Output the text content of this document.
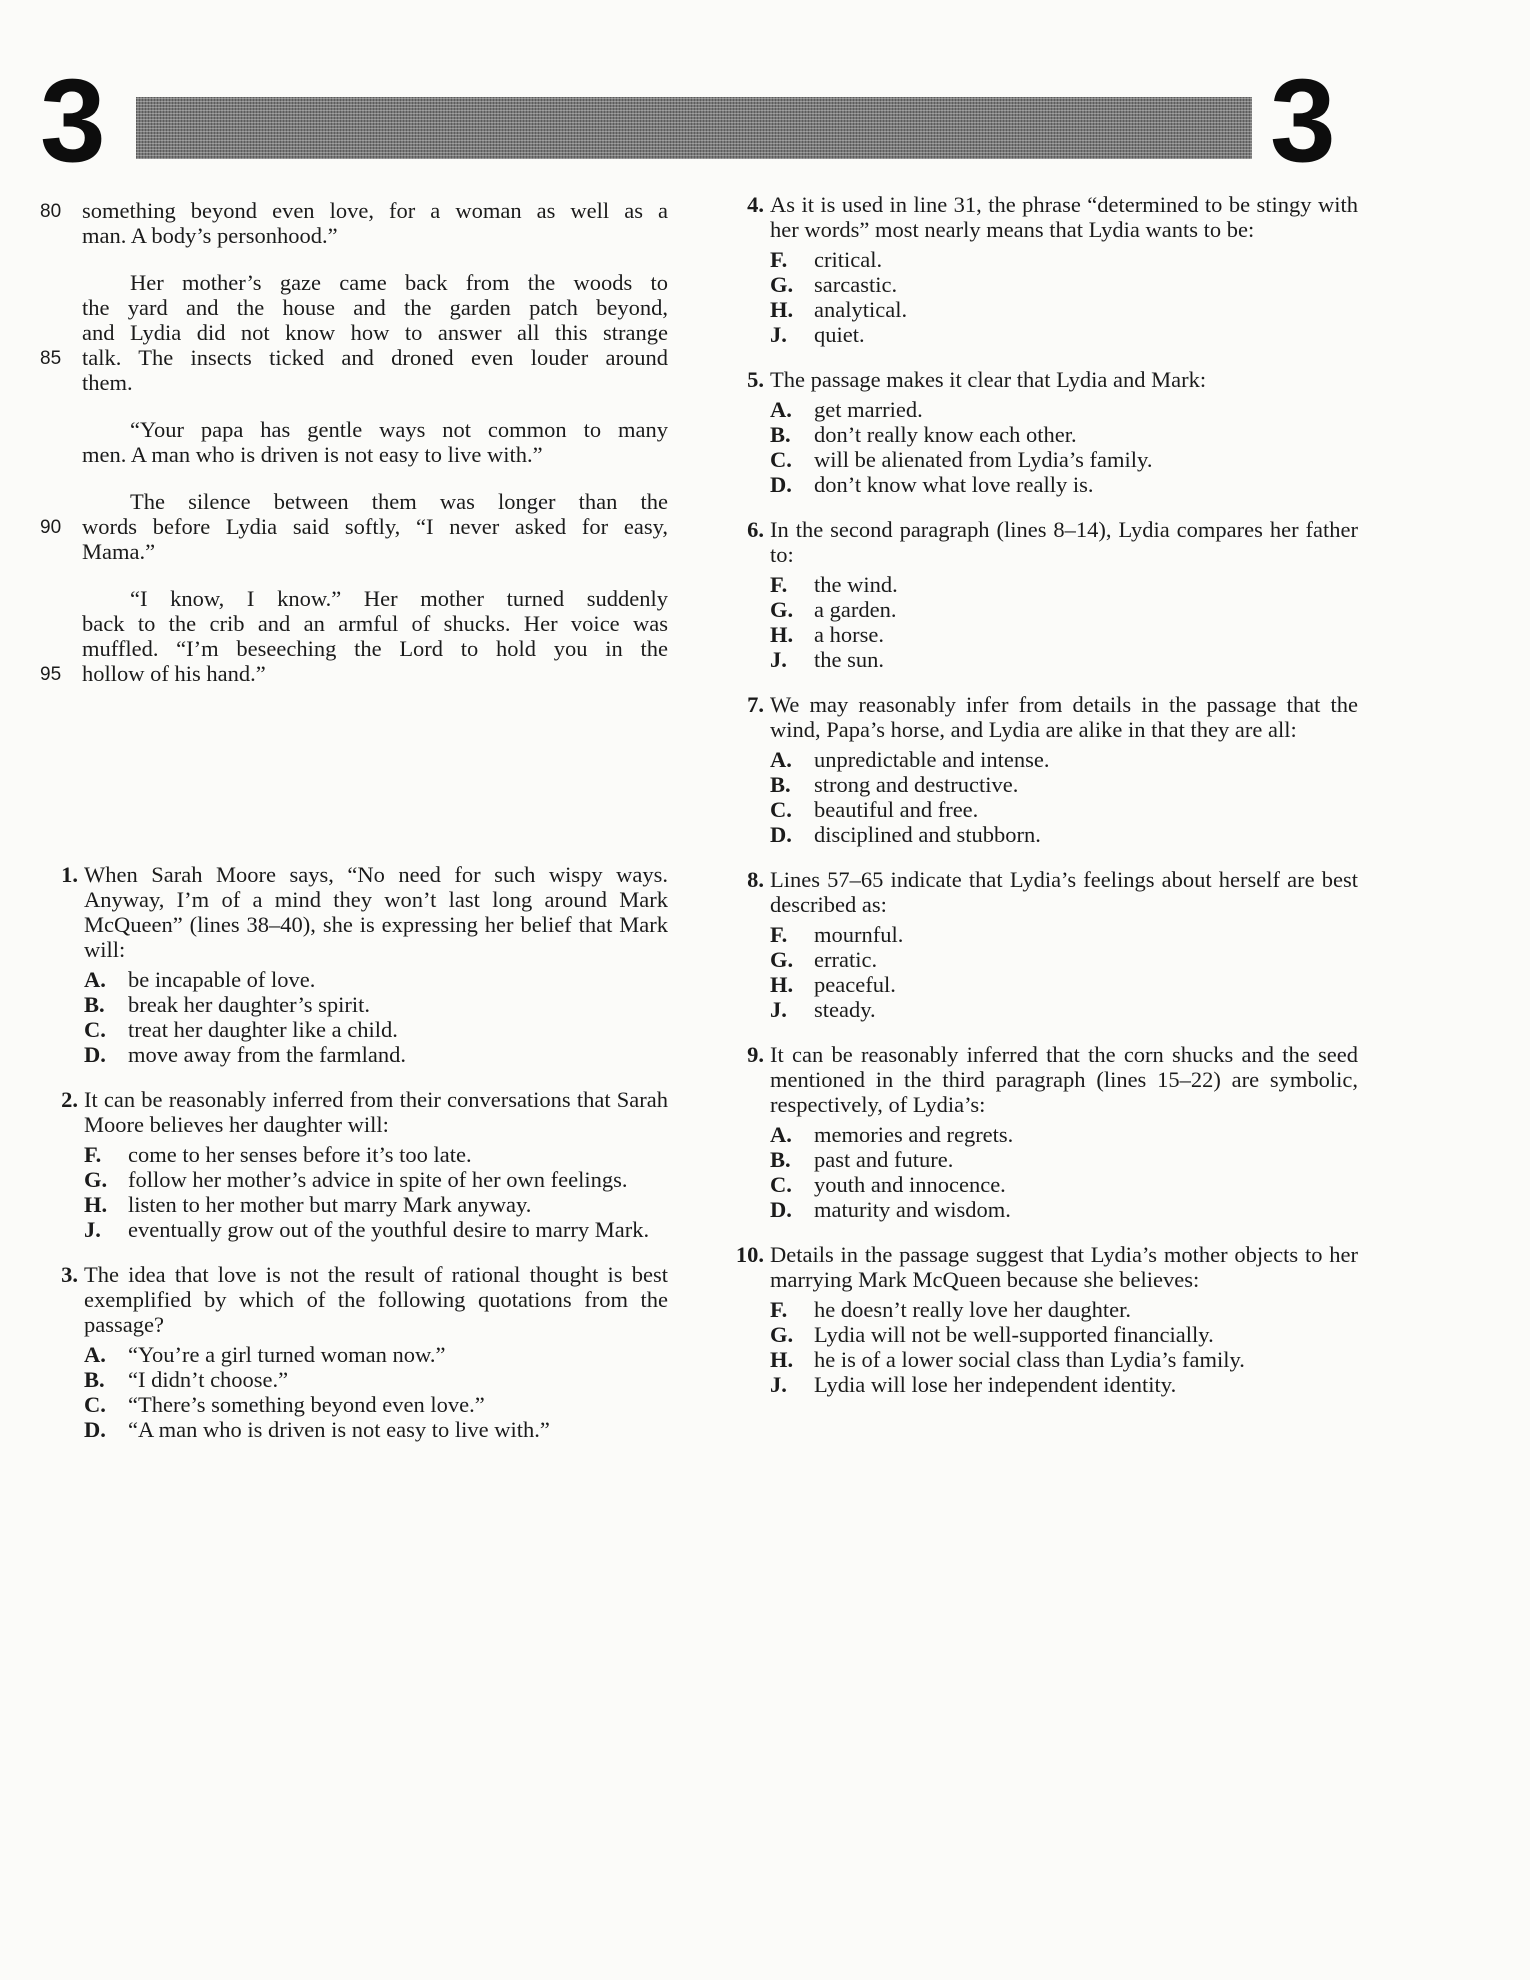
3	3
80 something beyond even love, for a woman as well as a
man. A body’s personhood.”
Her mother’s gaze came back from the woods to
the yard and the house and the garden patch beyond,
and Lydia did not know how to answer all this strange
85 talk. The insects ticked and droned even louder around
them.
“Your papa has gentle ways not common to many
men. A man who is driven is not easy to live with.”
The silence between them was longer than the
90 words before Lydia said softly, “I never asked for easy,
Mama.”
“I know, I know.” Her mother turned suddenly
back to the crib and an armful of shucks. Her voice was
muffled. “I’m beseeching the Lord to hold you in the
95 hollow of his hand.”
1. When Sarah Moore says, “No need for such wispy ways. Anyway, I’m of a mind they won’t last long around Mark McQueen” (lines 38–40), she is expressing her belief that Mark will:
A. be incapable of love.
B. break her daughter’s spirit.
C. treat her daughter like a child.
D. move away from the farmland.
2. It can be reasonably inferred from their conversations that Sarah Moore believes her daughter will:
F. come to her senses before it’s too late.
G. follow her mother’s advice in spite of her own feelings.
H. listen to her mother but marry Mark anyway.
J. eventually grow out of the youthful desire to marry Mark.
3. The idea that love is not the result of rational thought is best exemplified by which of the following quotations from the passage?
A. “You’re a girl turned woman now.”
B. “I didn’t choose.”
C. “There’s something beyond even love.”
D. “A man who is driven is not easy to live with.”
4. As it is used in line 31, the phrase “determined to be stingy with her words” most nearly means that Lydia wants to be:
F. critical.
G. sarcastic.
H. analytical.
J. quiet.
5. The passage makes it clear that Lydia and Mark:
A. get married.
B. don’t really know each other.
C. will be alienated from Lydia’s family.
D. don’t know what love really is.
6. In the second paragraph (lines 8–14), Lydia compares her father to:
F. the wind.
G. a garden.
H. a horse.
J. the sun.
7. We may reasonably infer from details in the passage that the wind, Papa’s horse, and Lydia are alike in that they are all:
A. unpredictable and intense.
B. strong and destructive.
C. beautiful and free.
D. disciplined and stubborn.
8. Lines 57–65 indicate that Lydia’s feelings about herself are best described as:
F. mournful.
G. erratic.
H. peaceful.
J. steady.
9. It can be reasonably inferred that the corn shucks and the seed mentioned in the third paragraph (lines 15–22) are symbolic, respectively, of Lydia’s:
A. memories and regrets.
B. past and future.
C. youth and innocence.
D. maturity and wisdom.
10. Details in the passage suggest that Lydia’s mother objects to her marrying Mark McQueen because she believes:
F. he doesn’t really love her daughter.
G. Lydia will not be well-supported financially.
H. he is of a lower social class than Lydia’s family.
J. Lydia will lose her independent identity.
